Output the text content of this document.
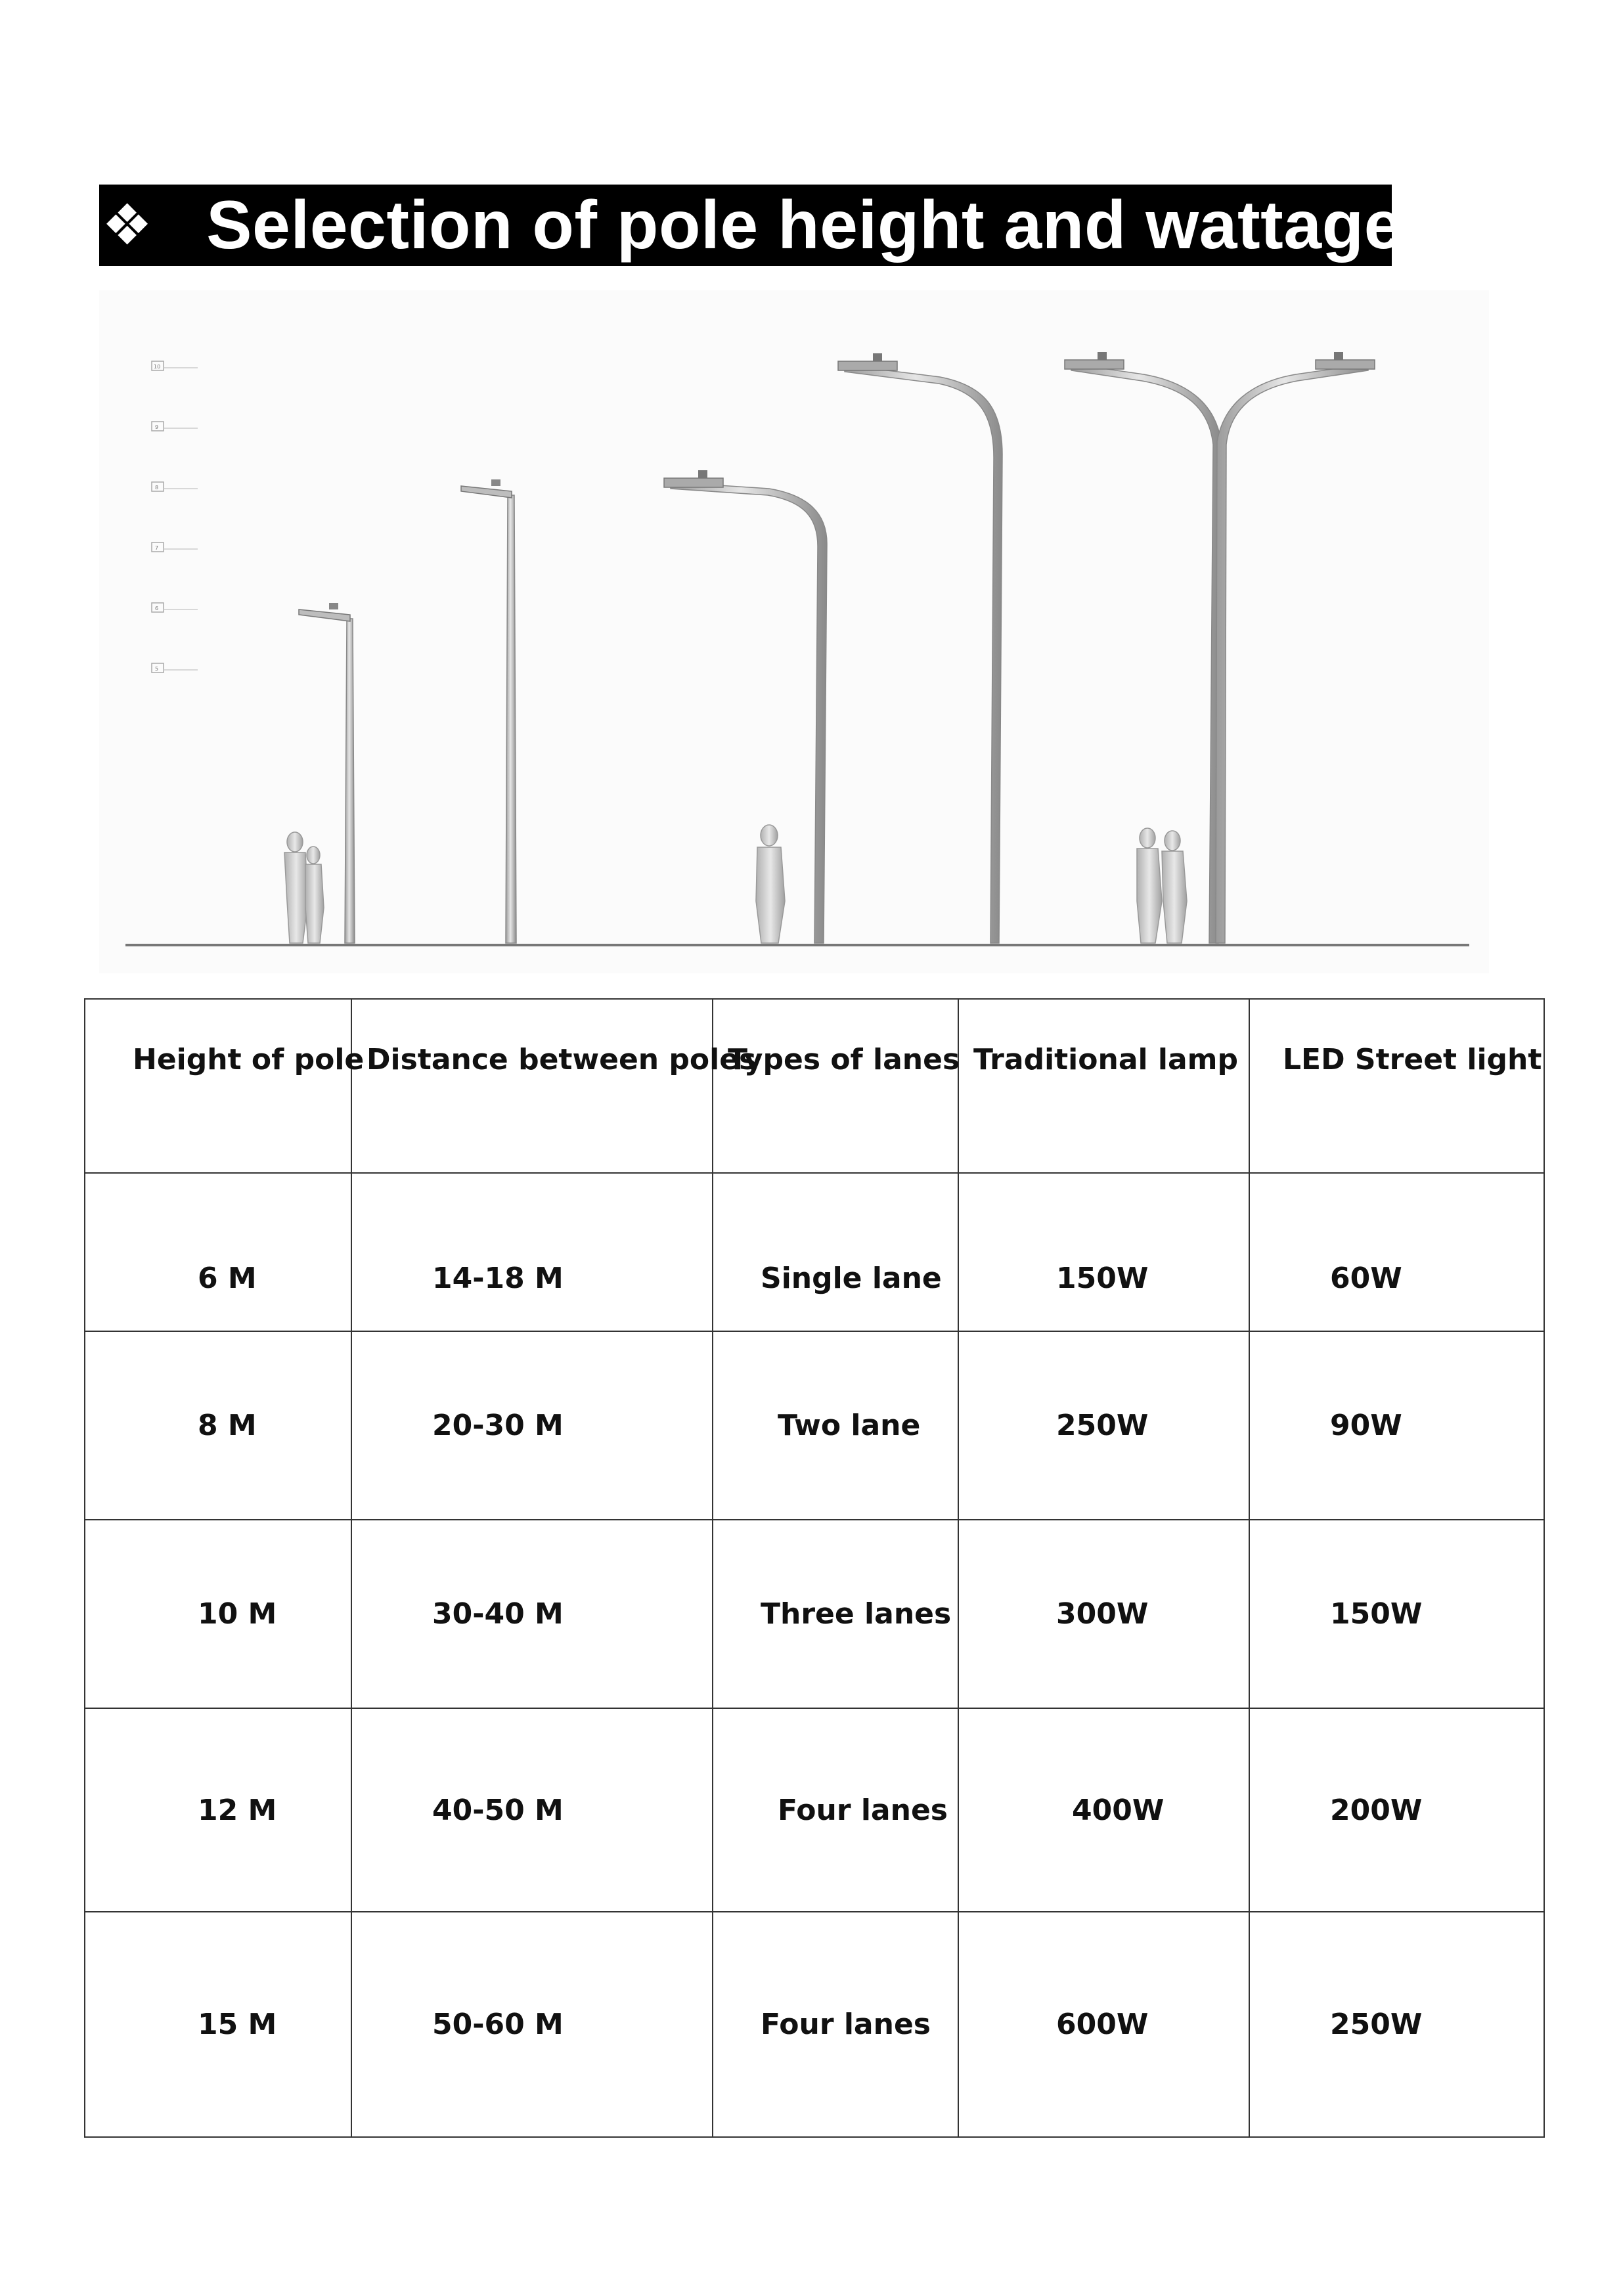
❖ Selection of pole height and wattage
10
9
8
7
6
5
Height of pole	Distance between poles	Types of lanes	Traditional lamp	LED Street light
6 M	14-18 M	Single lane	150W	60W
8 M	20-30 M	Two lane	250W	90W
10 M	30-40 M	Three lanes	300W	150W
12 M	40-50 M	Four lanes	400W	200W
15 M	50-60 M	Four lanes	600W	250W
